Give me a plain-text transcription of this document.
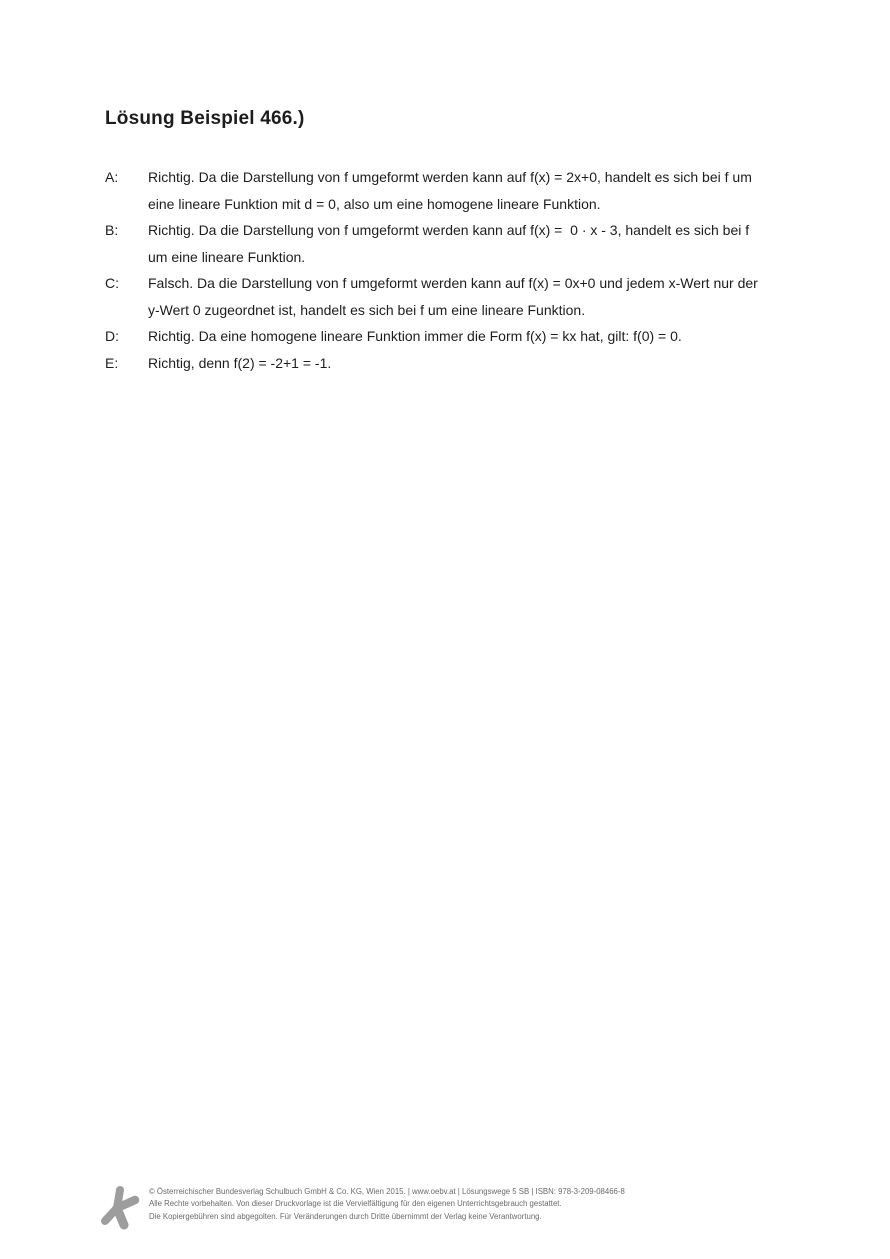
Lösung Beispiel 466.)
A:	Richtig. Da die Darstellung von f umgeformt werden kann auf f(x) = 2x+0, handelt es sich bei f um
eine lineare Funktion mit d = 0, also um eine homogene lineare Funktion.
B:	Richtig. Da die Darstellung von f umgeformt werden kann auf f(x) =  0 · x - 3, handelt es sich bei f
um eine lineare Funktion.
C:	Falsch. Da die Darstellung von f umgeformt werden kann auf f(x) = 0x+0 und jedem x-Wert nur der
y-Wert 0 zugeordnet ist, handelt es sich bei f um eine lineare Funktion.
D:	Richtig. Da eine homogene lineare Funktion immer die Form f(x) = kx hat, gilt: f(0) = 0.
E:	Richtig, denn f(2) = -2+1 = -1.
© Österreichischer Bundesverlag Schulbuch GmbH & Co. KG, Wien 2015. | www.oebv.at | Lösungswege 5 SB | ISBN: 978-3-209-08466-8
Alle Rechte vorbehalten. Von dieser Druckvorlage ist die Vervielfältigung für den eigenen Unterrichtsgebrauch gestattet.
Die Kopiergebühren sind abgegolten. Für Veränderungen durch Dritte übernimmt der Verlag keine Verantwortung.
